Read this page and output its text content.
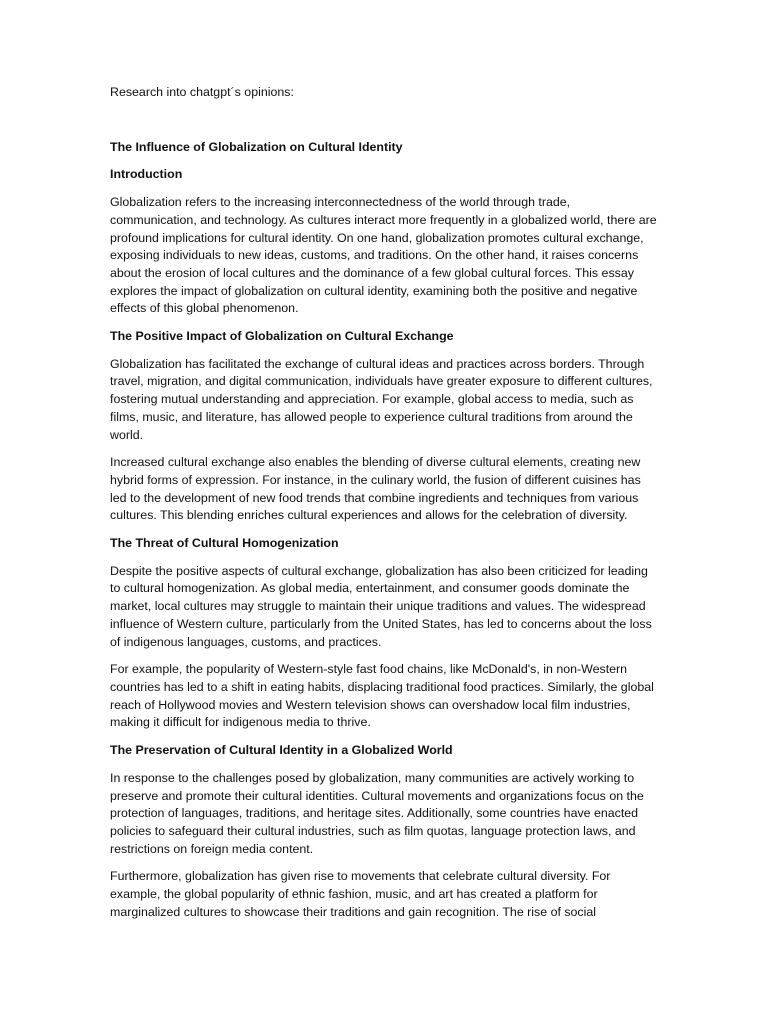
Research into chatgpt´s opinions:

The Influence of Globalization on Cultural Identity

Introduction

Globalization refers to the increasing interconnectedness of the world through trade, communication, and technology. As cultures interact more frequently in a globalized world, there are profound implications for cultural identity. On one hand, globalization promotes cultural exchange, exposing individuals to new ideas, customs, and traditions. On the other hand, it raises concerns about the erosion of local cultures and the dominance of a few global cultural forces. This essay explores the impact of globalization on cultural identity, examining both the positive and negative effects of this global phenomenon.

The Positive Impact of Globalization on Cultural Exchange

Globalization has facilitated the exchange of cultural ideas and practices across borders. Through travel, migration, and digital communication, individuals have greater exposure to different cultures, fostering mutual understanding and appreciation. For example, global access to media, such as films, music, and literature, has allowed people to experience cultural traditions from around the world.

Increased cultural exchange also enables the blending of diverse cultural elements, creating new hybrid forms of expression. For instance, in the culinary world, the fusion of different cuisines has led to the development of new food trends that combine ingredients and techniques from various cultures. This blending enriches cultural experiences and allows for the celebration of diversity.

The Threat of Cultural Homogenization

Despite the positive aspects of cultural exchange, globalization has also been criticized for leading to cultural homogenization. As global media, entertainment, and consumer goods dominate the market, local cultures may struggle to maintain their unique traditions and values. The widespread influence of Western culture, particularly from the United States, has led to concerns about the loss of indigenous languages, customs, and practices.

For example, the popularity of Western-style fast food chains, like McDonald's, in non-Western countries has led to a shift in eating habits, displacing traditional food practices. Similarly, the global reach of Hollywood movies and Western television shows can overshadow local film industries, making it difficult for indigenous media to thrive.

The Preservation of Cultural Identity in a Globalized World

In response to the challenges posed by globalization, many communities are actively working to preserve and promote their cultural identities. Cultural movements and organizations focus on the protection of languages, traditions, and heritage sites. Additionally, some countries have enacted policies to safeguard their cultural industries, such as film quotas, language protection laws, and restrictions on foreign media content.

Furthermore, globalization has given rise to movements that celebrate cultural diversity. For example, the global popularity of ethnic fashion, music, and art has created a platform for marginalized cultures to showcase their traditions and gain recognition. The rise of social
